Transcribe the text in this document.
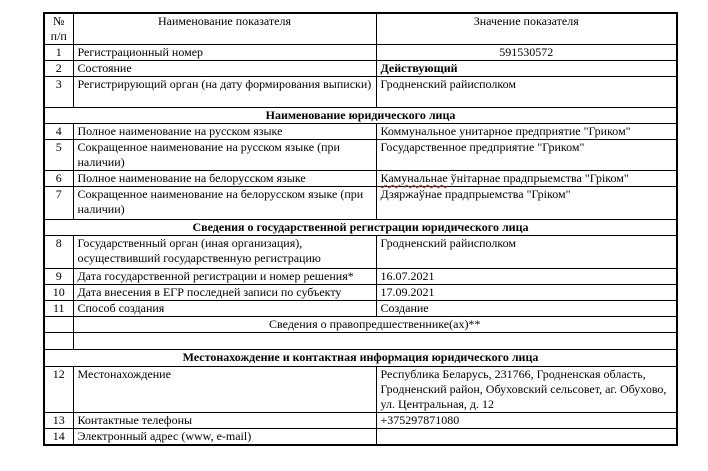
№
п/п	Наименование показателя	Значение показателя
1	Регистрационный номер	591530572
2	Состояние	Действующий
3	Регистрирующий орган (на дату формирования выписки)	Гродненский райисполком
Наименование юридического лица		
4	Полное наименование на русском языке	Коммунальное унитарное предприятие "Гриком"
5	Сокращенное наименование на русском языке (при наличии)	Государственное предприятие "Гриком"
6	Полное наименование на белорусском языке	Камунальнае ўнітарнае прадпрыемства "Гріком"
7	Сокращенное наименование на белорусском языке (при наличии)	Дзяржаўнае прадпрыемства "Гріком"
Сведения о государственной регистрации юридического лица		
8	Государственный орган (иная организация), осуществивший государственную регистрацию	Гродненский райисполком
9	Дата государственной регистрации и номер решения*	16.07.2021
10	Дата внесения в ЕГР последней записи по субъекту	17.09.2021
11	Способ создания	Создание
	Сведения о правопредшественнике(ах)**	

Местонахождение и контактная информация юридического лица		
12	Местонахождение	Республика Беларусь, 231766, Гродненская область, Гродненский район, Обуховский сельсовет, аг. Обухово, ул. Центральная, д. 12
13	Контактные телефоны	+375297871080
14	Электронный адрес (www, e-mail)	
